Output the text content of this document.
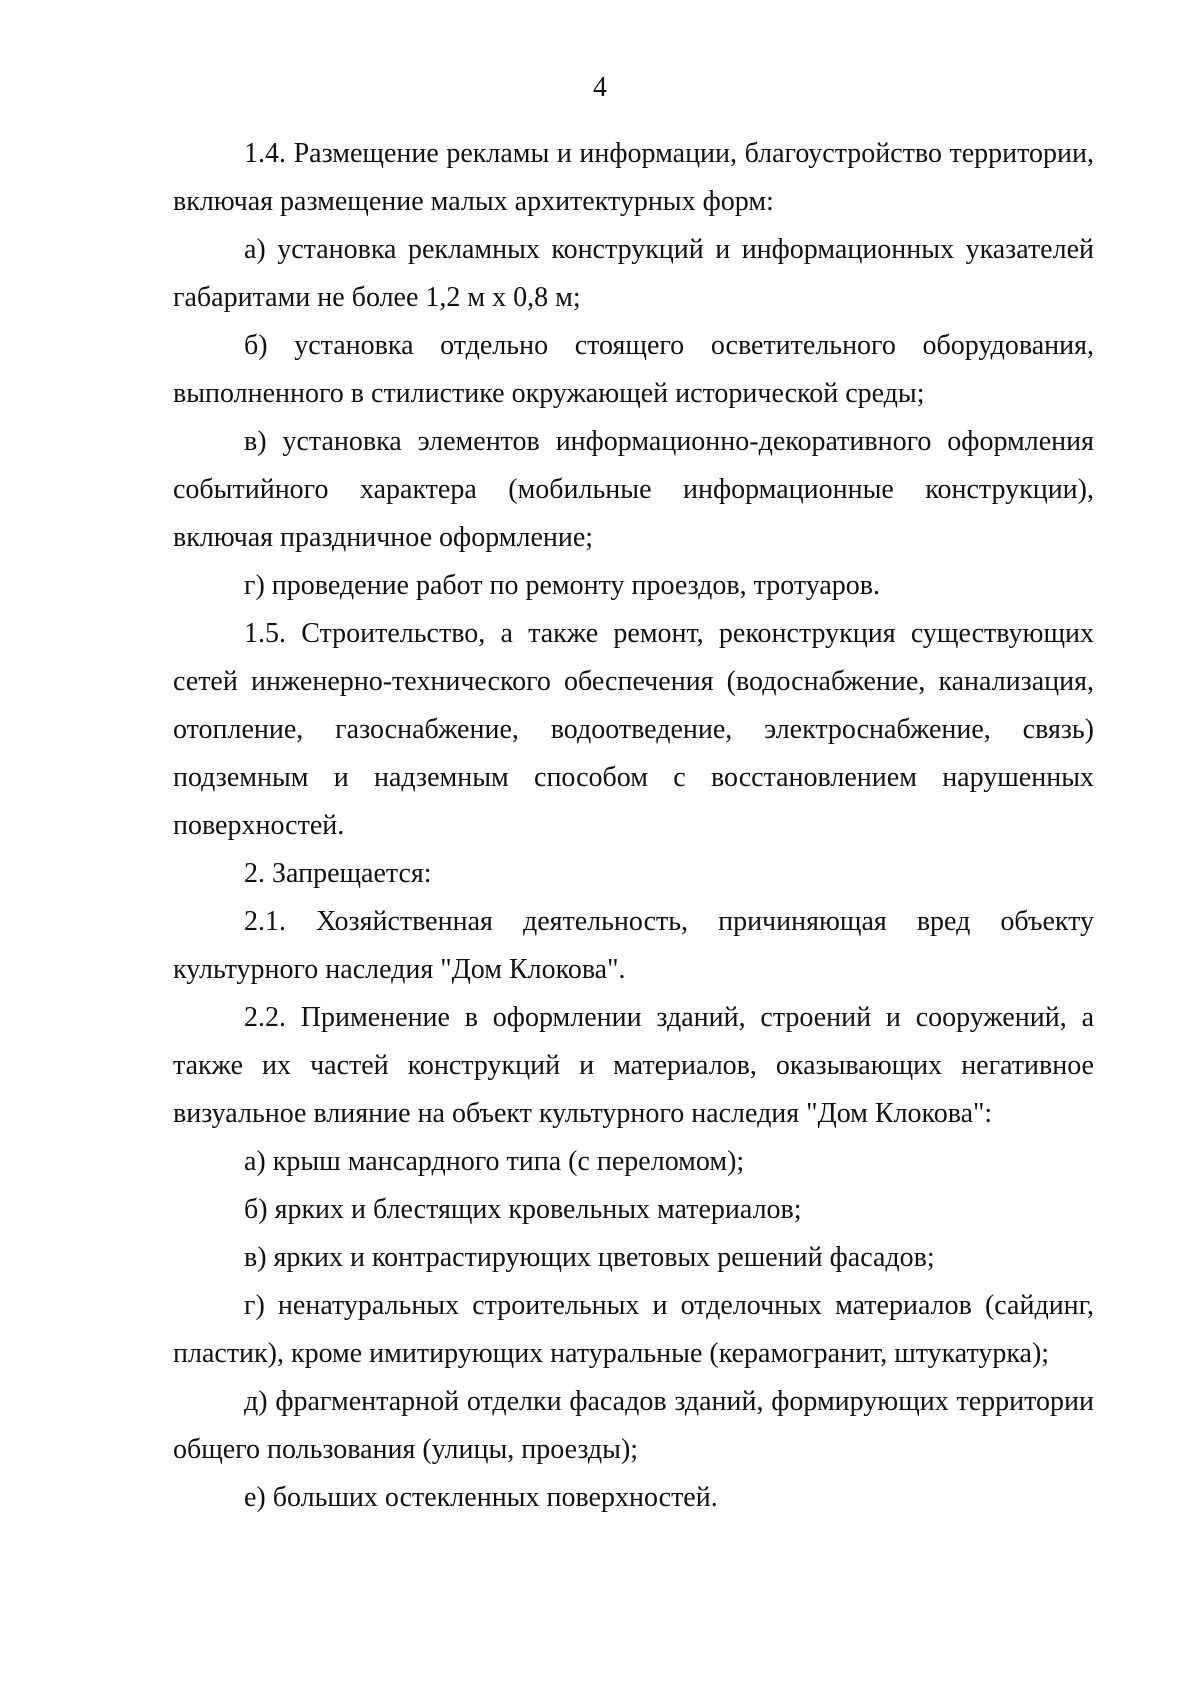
4

1.4. Размещение рекламы и информации, благоустройство территории, включая размещение малых архитектурных форм:

а) установка рекламных конструкций и информационных указателей габаритами не более 1,2 м х 0,8 м;

б) установка отдельно стоящего осветительного оборудования, выполненного в стилистике окружающей исторической среды;

в) установка элементов информационно-декоративного оформления событийного характера (мобильные информационные конструкции), включая праздничное оформление;

г) проведение работ по ремонту проездов, тротуаров.

1.5. Строительство, а также ремонт, реконструкция существующих сетей инженерно-технического обеспечения (водоснабжение, канализация, отопление, газоснабжение, водоотведение, электроснабжение, связь) подземным и надземным способом с восстановлением нарушенных поверхностей.

2. Запрещается:

2.1. Хозяйственная деятельность, причиняющая вред объекту культурного наследия "Дом Клокова".

2.2. Применение в оформлении зданий, строений и сооружений, а также их частей конструкций и материалов, оказывающих негативное визуальное влияние на объект культурного наследия "Дом Клокова":

а) крыш мансардного типа (с переломом);

б) ярких и блестящих кровельных материалов;

в) ярких и контрастирующих цветовых решений фасадов;

г) ненатуральных строительных и отделочных материалов (сайдинг, пластик), кроме имитирующих натуральные (керамогранит, штукатурка);

д) фрагментарной отделки фасадов зданий, формирующих территории общего пользования (улицы, проезды);

е) больших остекленных поверхностей.
